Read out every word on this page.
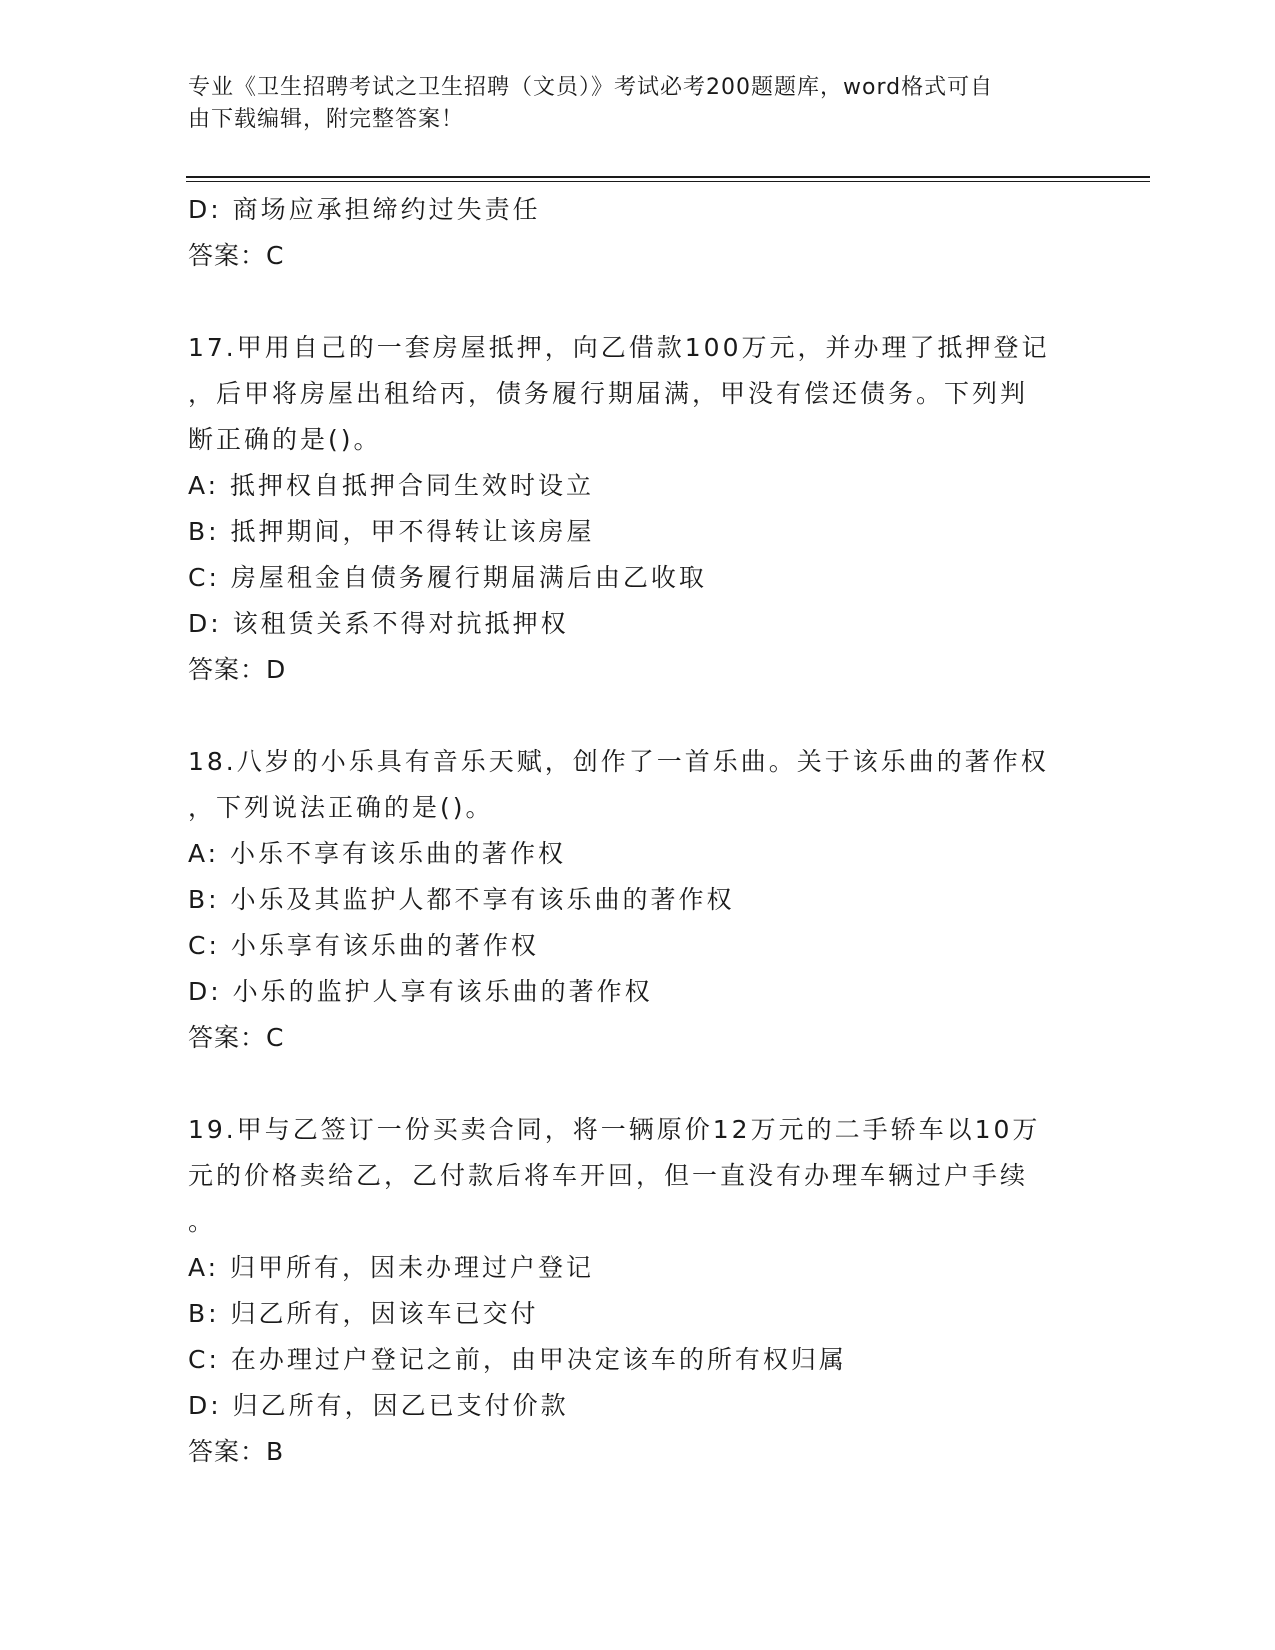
专业《卫生招聘考试之卫生招聘（文员）》考试必考200题题库，word格式可自
由下载编辑，附完整答案！
D: 商场应承担缔约过失责任
答案：C
17.甲用自己的一套房屋抵押，向乙借款100万元，并办理了抵押登记
，后甲将房屋出租给丙，债务履行期届满，甲没有偿还债务。下列判
断正确的是()。
A: 抵押权自抵押合同生效时设立
B: 抵押期间，甲不得转让该房屋
C: 房屋租金自债务履行期届满后由乙收取
D: 该租赁关系不得对抗抵押权
答案：D
18.八岁的小乐具有音乐天赋，创作了一首乐曲。关于该乐曲的著作权
，下列说法正确的是()。
A: 小乐不享有该乐曲的著作权
B: 小乐及其监护人都不享有该乐曲的著作权
C: 小乐享有该乐曲的著作权
D: 小乐的监护人享有该乐曲的著作权
答案：C
19.甲与乙签订一份买卖合同，将一辆原价12万元的二手轿车以10万
元的价格卖给乙，乙付款后将车开回，但一直没有办理车辆过户手续
。
A: 归甲所有，因未办理过户登记
B: 归乙所有，因该车已交付
C: 在办理过户登记之前，由甲决定该车的所有权归属
D: 归乙所有，因乙已支付价款
答案：B
